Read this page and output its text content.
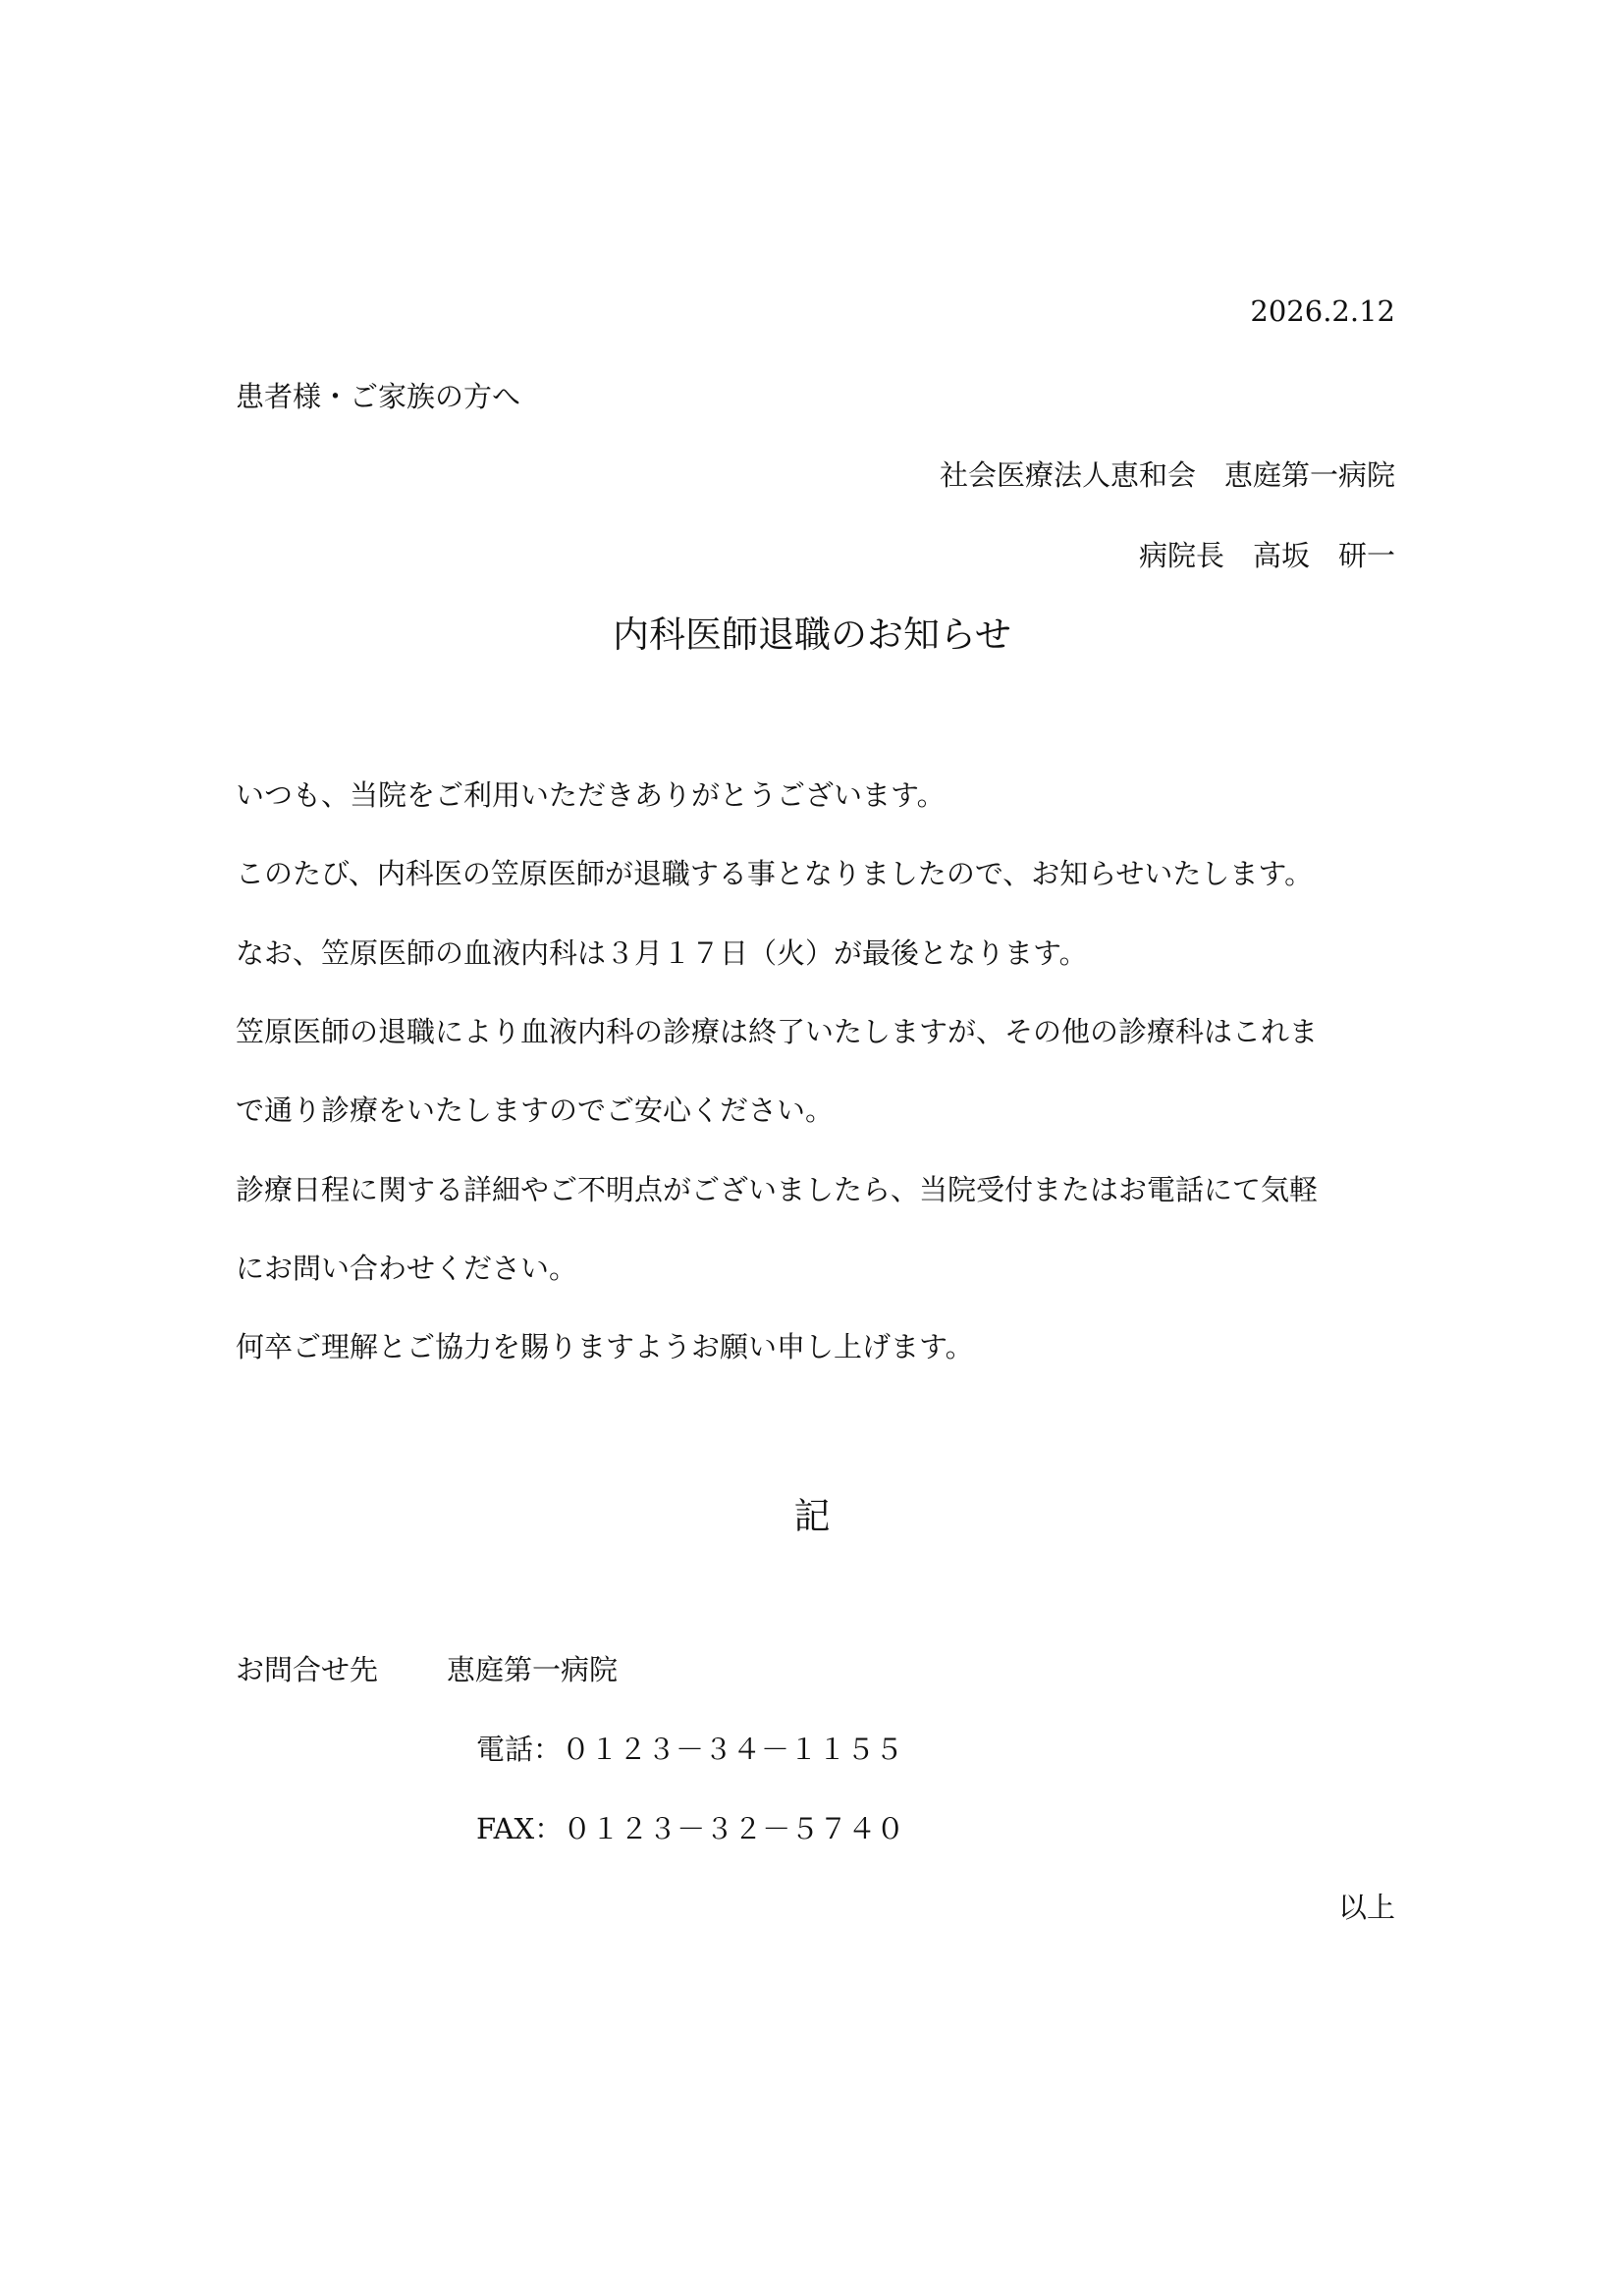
2026.2.12
患者様・ご家族の方へ
社会医療法人恵和会　恵庭第一病院
病院長　高坂　研一
内科医師退職のお知らせ
いつも、当院をご利用いただきありがとうございます。
このたび、内科医の笠原医師が退職する事となりましたので、お知らせいたします。
なお、笠原医師の血液内科は３月１７日（火）が最後となります。
笠原医師の退職により血液内科の診療は終了いたしますが、その他の診療科はこれま
で通り診療をいたしますのでご安心ください。
診療日程に関する詳細やご不明点がございましたら、当院受付またはお電話にて気軽
にお問い合わせください。
何卒ご理解とご協力を賜りますようお願い申し上げます。
記
お問合せ先 恵庭第一病院
電話：０１２３－３４－１１５５
FAX：０１２３－３２－５７４０
以上
